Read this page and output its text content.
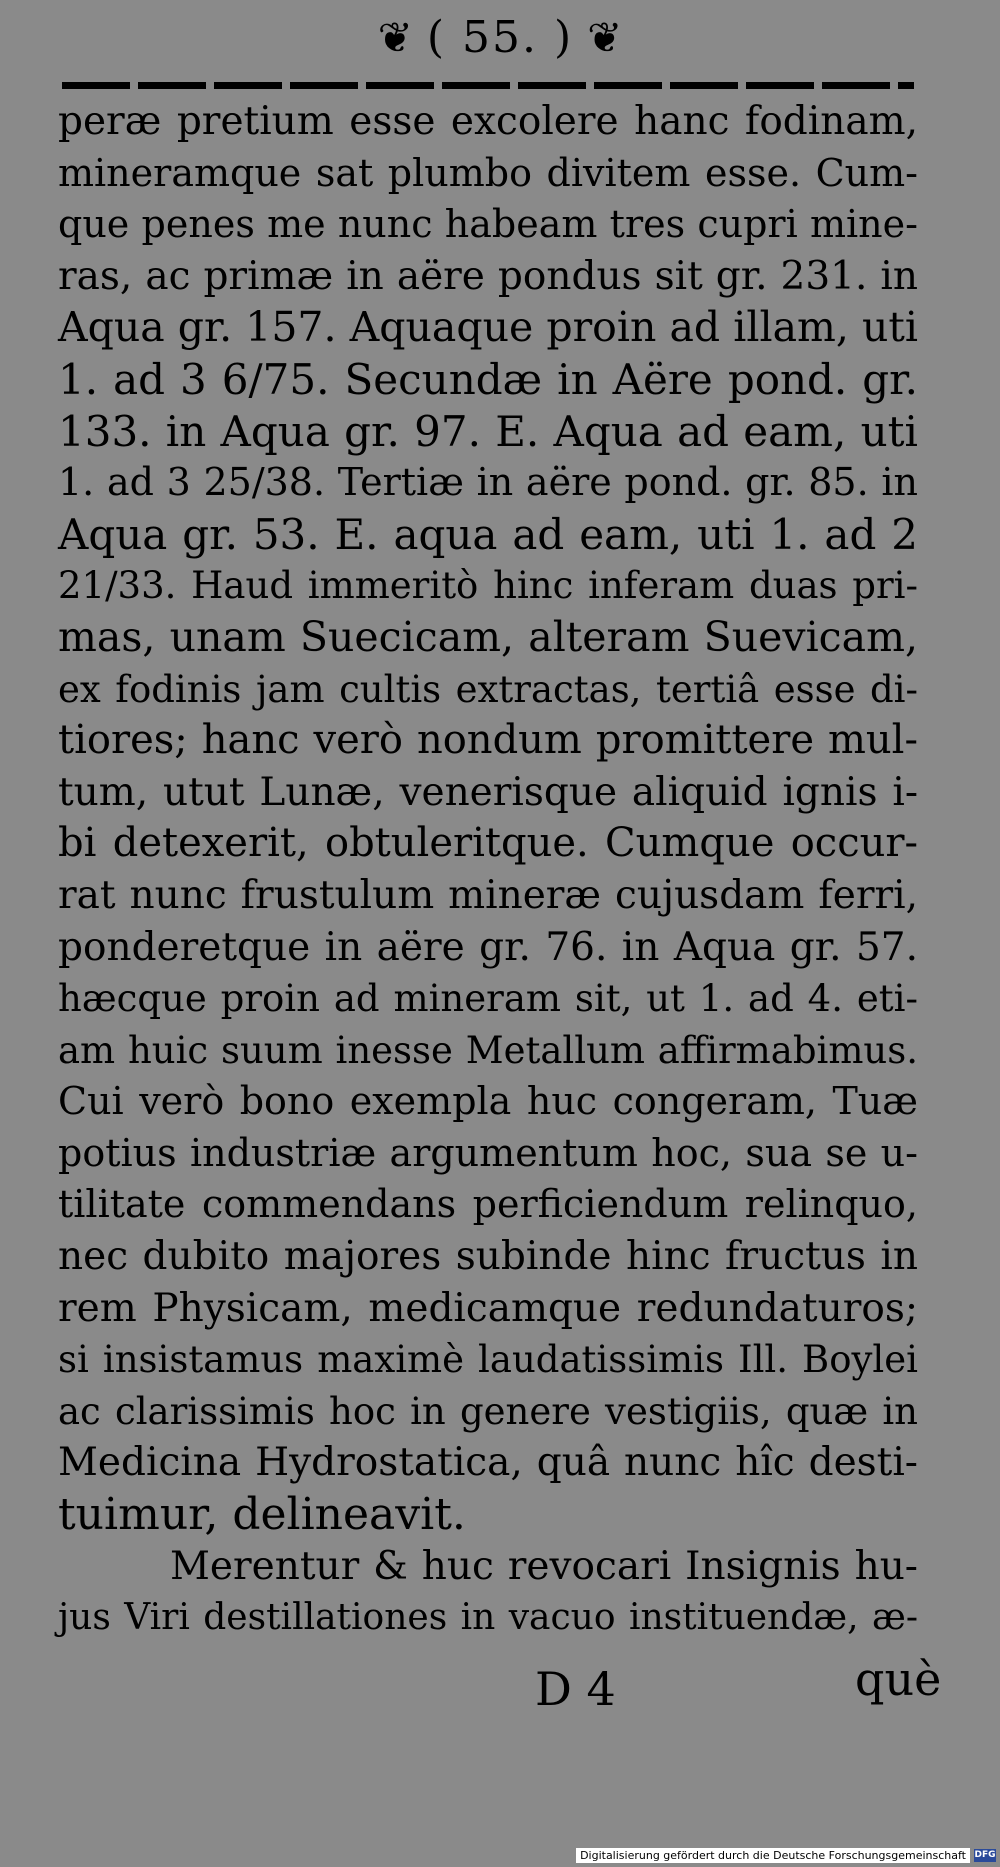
❦ ( 55. ) ❦
peræ pretium esse excolere hanc fodinam,
mineramque sat plumbo divitem esse. Cum-
que penes me nunc habeam tres cupri mine-
ras, ac primæ in aëre pondus sit gr. 231. in
Aqua gr. 157. Aquaque proin ad illam, uti
1. ad 3 6/75. Secundæ in Aëre pond. gr.
133. in Aqua gr. 97. E. Aqua ad eam, uti
1. ad 3 25/38. Tertiæ in aëre pond. gr. 85. in
Aqua gr. 53. E. aqua ad eam, uti 1. ad 2
21/33. Haud immeritò hinc inferam duas pri-
mas, unam Suecicam, alteram Suevicam,
ex fodinis jam cultis extractas, tertiâ esse di-
tiores; hanc verò nondum promittere mul-
tum, utut Lunæ, venerisque aliquid ignis i-
bi detexerit, obtuleritque. Cumque occur-
rat nunc frustulum mineræ cujusdam ferri,
ponderetque in aëre gr. 76. in Aqua gr. 57.
hæcque proin ad mineram sit, ut 1. ad 4. eti-
am huic suum inesse Metallum affirmabimus.
Cui verò bono exempla huc congeram, Tuæ
potius industriæ argumentum hoc, sua se u-
tilitate commendans perficiendum relinquo,
nec dubito majores subinde hinc fructus in
rem Physicam, medicamque redundaturos;
si insistamus maximè laudatissimis Ill. Boylei
ac clarissimis hoc in genere vestigiis, quæ in
Medicina Hydrostatica, quâ nunc hîc desti-
tuimur, delineavit.
Merentur & huc revocari Insignis hu-
jus Viri destillationes in vacuo instituendæ, æ-
D 4	què
Digitalisierung gefördert durch die Deutsche Forschungsgemeinschaft DFG
